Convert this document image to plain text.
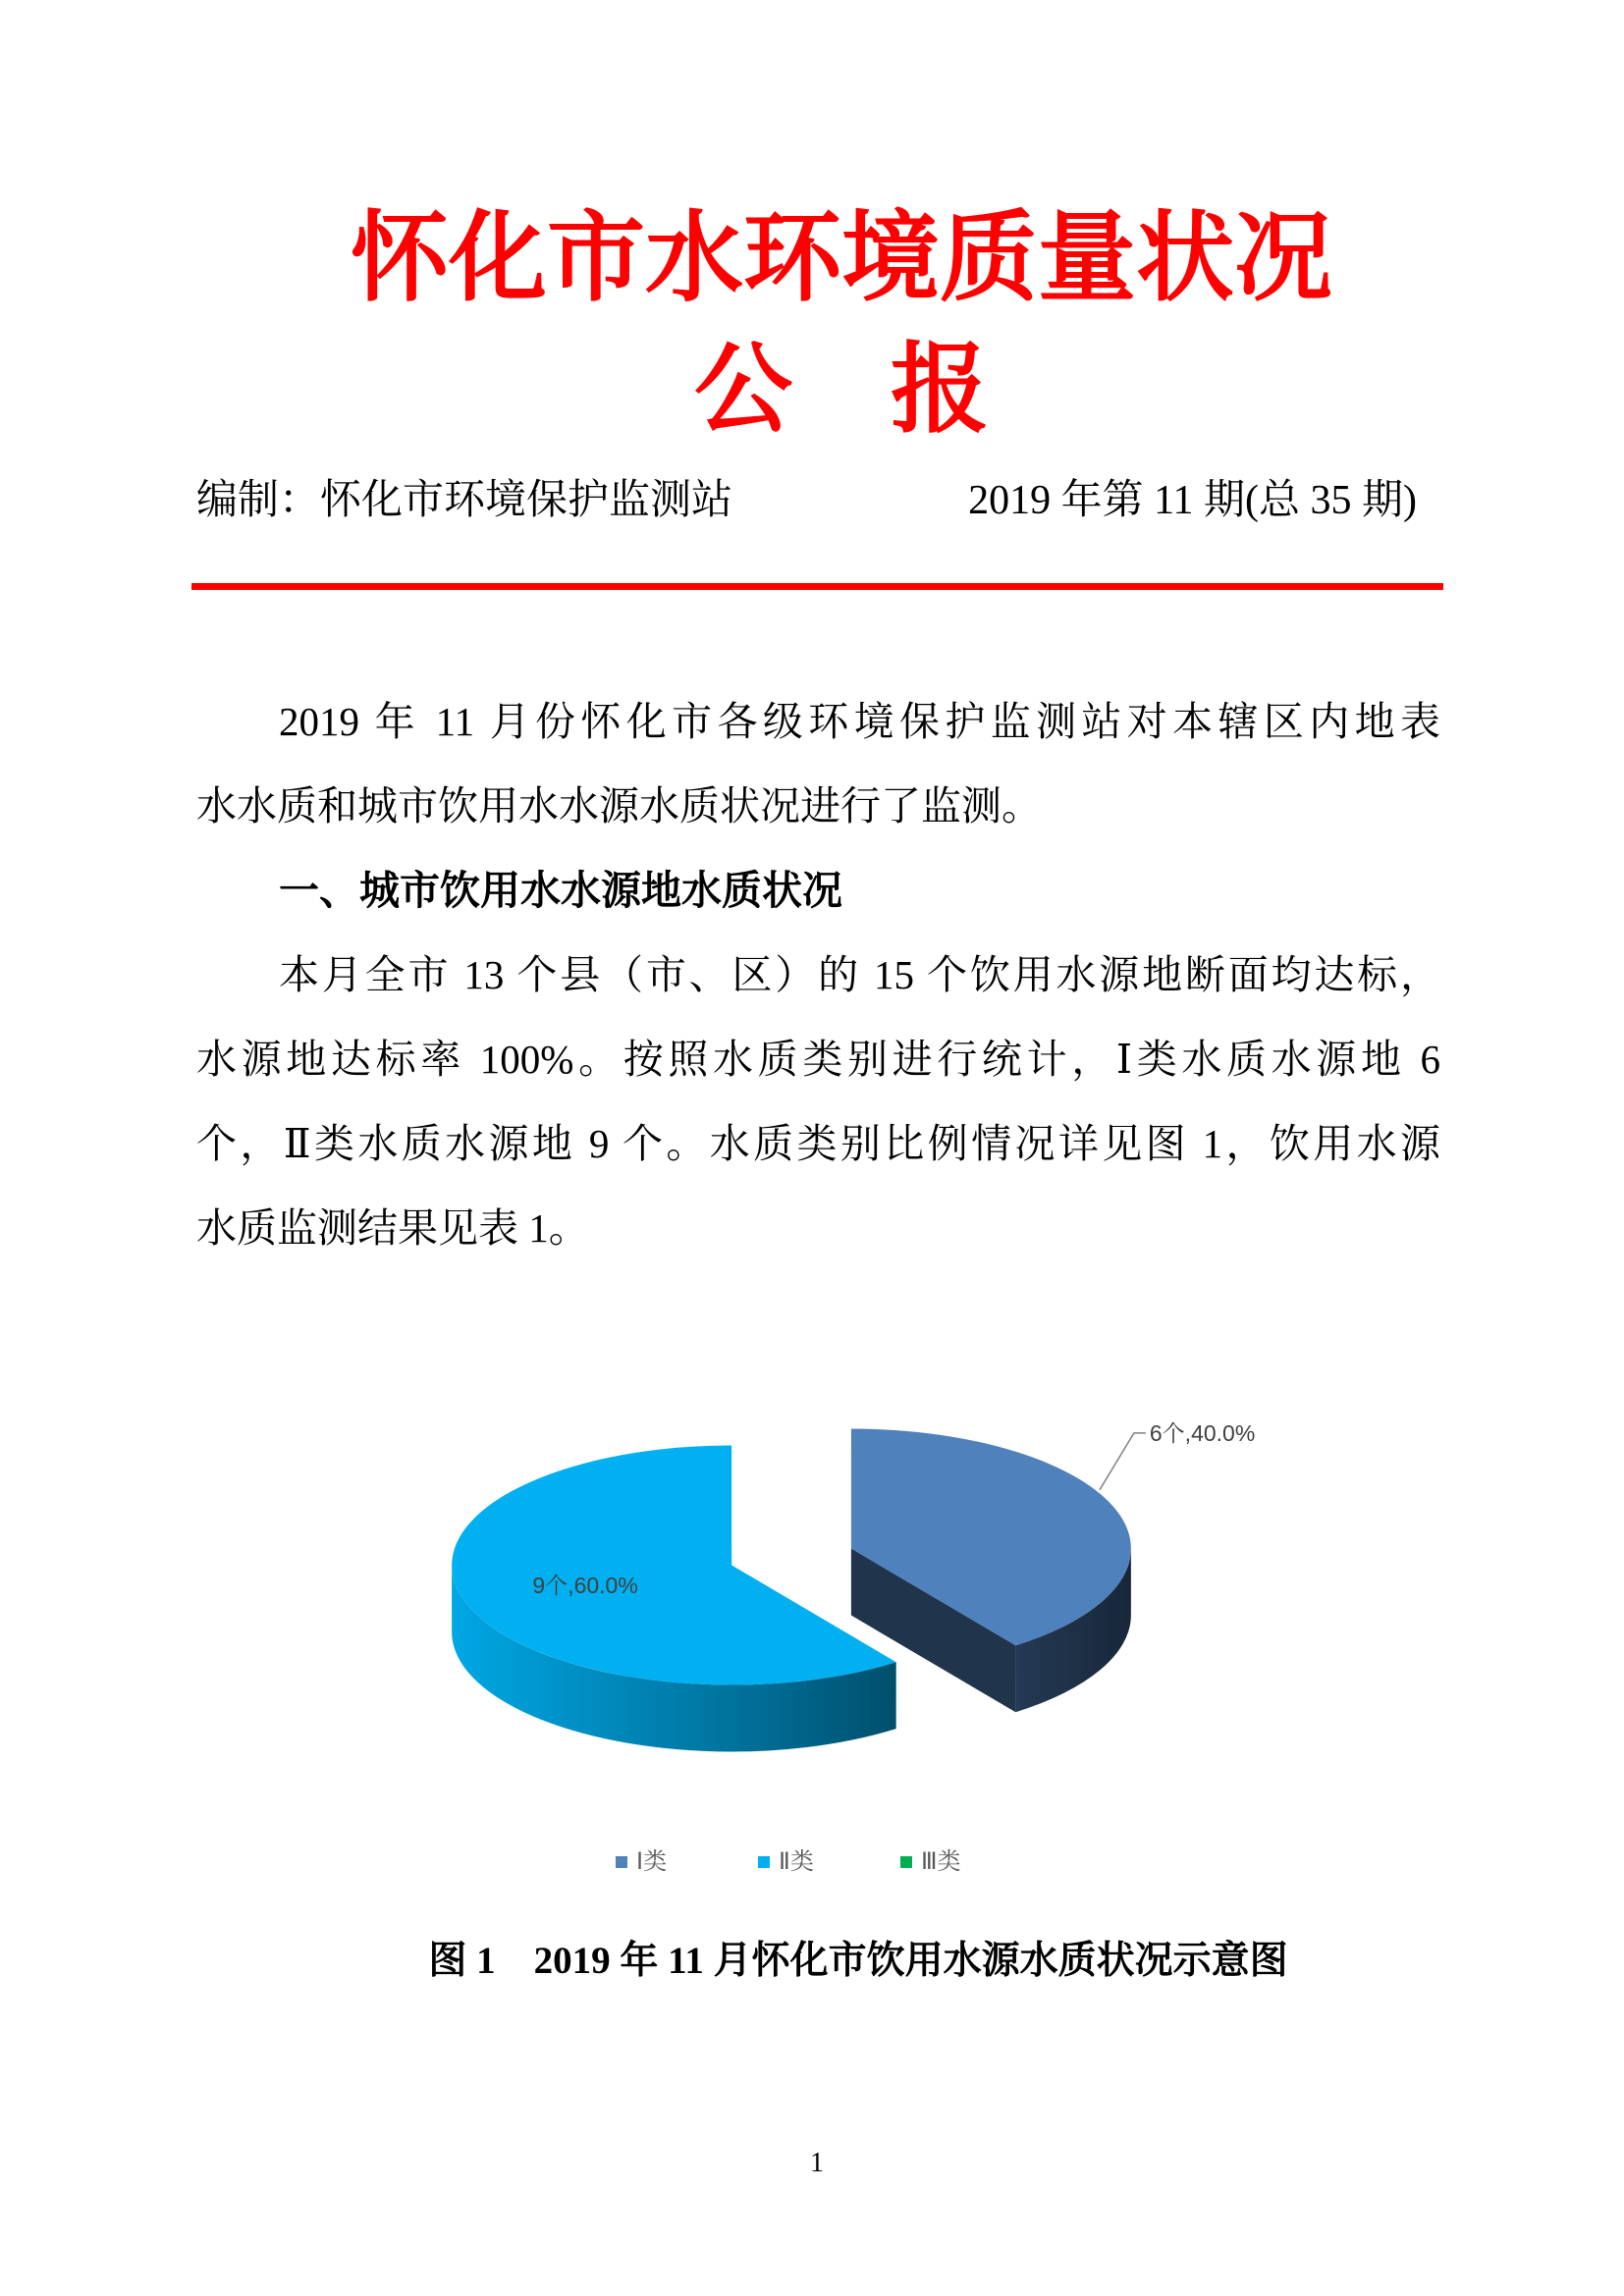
怀化市水环境质量状况
公　报
编制：怀化市环境保护监测站	2019 年第 11 期(总 35 期)
2019 年 11 月份怀化市各级环境保护监测站对本辖区内地表
水水质和城市饮用水水源水质状况进行了监测。
一、城市饮用水水源地水质状况
本月全市 13 个县（市、区）的 15 个饮用水源地断面均达标，
水源地达标率 100%。按照水质类别进行统计，Ⅰ类水质水源地 6
个，Ⅱ类水质水源地 9 个。水质类别比例情况详见图 1，饮用水源
水质监测结果见表 1。
6个,40.0%
9个,60.0%
Ⅰ类	Ⅱ类	Ⅲ类
图 1　2019 年 11 月怀化市饮用水源水质状况示意图
1
